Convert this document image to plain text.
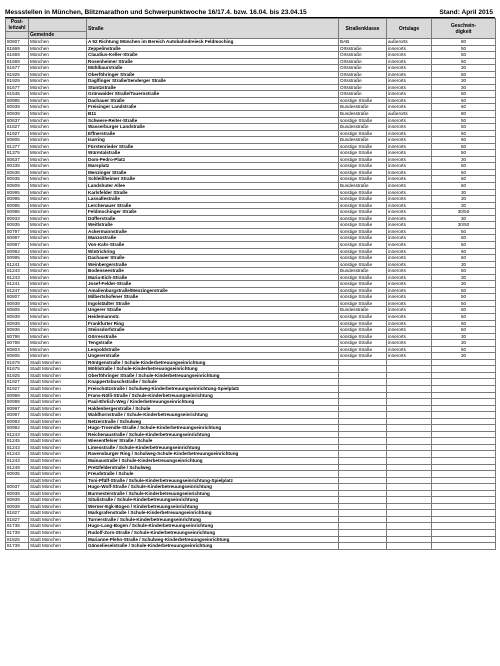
Messstellen in München, Blitzmarathon und Schwerpunktwoche 16/17.4. bzw. 16.04. bis 23.04.15	Stand: April 2015
Post-
leitzahl		Straße	Straßenklasse	Ortslage	Geschwin-
digkeit
	Gemeinde				
80807	München	A 92 Richtung München im Bereich Autobahndreieck Feldmoching	BAB	außerorts	80
81669	München	Zeppelinstraße	Ortsstraße	innerorts	50
81669	München	Claudius-Keller-Straße	Ortsstraße	innerorts	50
81669	München	Rosenheimer Straße	Ortsstraße	innerorts	50
81677	München	Mühlbaurstraße	Ortsstraße	innerorts	30
81925	München	Oberföhringer Straße	Ortsstraße	innerorts	50
81929	München	Daglfinger Straße/Senderger Straße	Ortsstraße	innerorts	30
81677	München	Stuntzstraße	Ortsstraße	innerorts	30
81545	München	Grünwalder Straße/Tauernstraße	Ortsstraße	innerorts	50
80995	München	Dachauer Straße	sonstige Straße	innerorts	60
80939	München	Freisinger Landstraße	Bundesstraße	innerorts	60
80939	München	B11	Bundesstraße	außerorts	80
80637	München	Schwere-Reiter-Straße	sonstige Straße	innerorts	50
81827	München	Wasserburger Landstraße	Bundesstraße	innerorts	50
81927	München	Effnerstraße	sonstige Straße	innerorts	50
80805	München	Isarring	Bundesstraße	innerorts	60
81377	München	Fürstenrieder Straße	sonstige Straße	innerorts	50
81375	München	Würmtalstraße	sonstige Straße	innerorts	50
80637	München	Dom-Pedro-Platz	sonstige Straße	innerorts	30
80335	München	Marsplatz	sonstige Straße	innerorts	50
80636	München	Menzinger Straße	sonstige Straße	innerorts	50
80935	München	Schleißheimer Straße	sonstige Straße	innerorts	50
80809	München	Landshuter Allee	Bundesstraße	innerorts	60
80995	München	Karlsfelder Straße	sonstige Straße	innerorts	30
80995	München	Lassallestraße	sonstige Straße	innerorts	30
80995	München	Lerchenauer Straße	sonstige Straße	innerorts	30
80995	München	Feldmochinger Straße	sonstige Straße	innerorts	30/50
80933	München	Düfferstraße	sonstige Straße	innerorts	30
80935	München	Weitlstraße	sonstige Straße	innerorts	30/50
80797	München	Ackermannstraße	sonstige Straße	innerorts	50
80997	München	Manzostraße	sonstige Straße	innerorts	50
80997	München	Von-Kahr-Straße	sonstige Straße	innerorts	50
80992	München	Wintrichring	sonstige Straße	innerorts	60
80995	München	Dachauer Straße	sonstige Straße	innerorts	60
81241	München	Weinbergerstraße	sonstige Straße	innerorts	30
81243	München	Bodenseestraße	Bundesstraße	innerorts	50
81243	München	Maria-Eich-Straße	sonstige Straße	innerorts	30
81241	München	Josef-Felder-Straße	sonstige Straße	innerorts	30
81247	München	Amalienburgstraße/Menzingerstraße	sonstige Straße	innerorts	50
80807	München	Milbertshofener Straße	sonstige Straße	innerorts	50
80939	München	Ingolstädter Straße	sonstige Straße	innerorts	50
80805	München	Ungerer Straße	Bundesstraße	innerorts	50
80939	München	Heidemannstr.	sonstige Straße	innerorts	50
80939	München	Frankfurter Ring	sonstige Straße	innerorts	50
80936	München	Steinsdorfstraße	sonstige Straße	innerorts	50
80798	München	Görresstraße	sonstige Straße	innerorts	30
80798	München	Tengstraße	sonstige Straße	innerorts	30
80804	München	Leopoldstraße	sonstige Straße	innerorts	50
80805	München	Ungererstraße	sonstige Straße	innerorts	30
81679	Stadt München	Röntgenstraße / Schule-Kinderbetreuungseinrichtung			
81675	Stadt München	Möhlstraße / Schule-Kinderbetreuungseinrichtung			
81925	Stadt München	Oberföhringer Straße / Schule-Kinderbetreuungseinrichtung			
81927	Stadt München	Knappertsbuschstraße / Schule			
81927	Stadt München	Freischützstraße / Schulweg-Kinderbetreuungseinrichtung-Spielplatz			
80999	Stadt München	Frans-Nölli-Straße / Schule-Kinderbetreuungseinrichtung			
80999	Stadt München	Paul-Ehrlich-Weg / Kinderbetreuungseinrichtung			
80997	Stadt München	Haldenbergerstraße / Schule			
80997	Stadt München	Waldhornstraße / Schule-Kinderbetreuungseinrichtung			
80992	Stadt München	Netzerstraße / Schulweg			
80992	Stadt München	Hugo-Troendle-Straße / Schule-Kinderbetreuungseinrichtung			
81243	Stadt München	Reichenaustraße / Schule-Kinderbetreuungseinrichtung			
81245	Stadt München	Wiesentfelser Straße / Schule			
81243	Stadt München	Limesstraße / Schule-Kinderbetreuungseinrichtung			
81243	Stadt München	Ravensburger Ring / Schulweg-Schule-Kinderbetreuungseinrichtung			
81243	Stadt München	Mainaustraße / Schule-Kinderbetreuungseinrichtung			
81249	Stadt München	Pretzfelderstraße / Schulweg			
80935	Stadt München	Freudstraße / Schule			
	Stadt München	Toni-Pfülf-Straße / Schule-Kinderbetreuungseinrichtung-Spielplatz			
80937	Stadt München	Hugo-Wolf-Straße / Schule-Kinderbetreuungseinrichtung			
80939	Stadt München	Burmesterstraße / Schule-Kinderbetreuungseinrichtung			
80939	Stadt München	Situlistraße / Schule-Kinderbetreuungseinrichtung			
80939	Stadt München	Werner-Egk-Bogen / Kinderbetreuungseinrichtung			
81827	Stadt München	Markgrafenstraße / Schule-Kinderbetreuungseinrichtung			
81827	Stadt München	Turnerstraße / Schule-Kinderbetreuungseinrichtung			
81735	Stadt München	Hugo-Lang-Bogen / Schule-Kinderbetreuungseinrichtung			
81739	Stadt München	Rudolf-Zorn-Straße / Schule-Kinderbetreuungseinrichtung			
81825	Stadt München	Marianne-Plehn-Straße / Schulweg-Kinderbetreuungseinrichtung			
81739	Stadt München	Gänselieselstraße / Schule-Kinderbetreuungseinrichtung			
